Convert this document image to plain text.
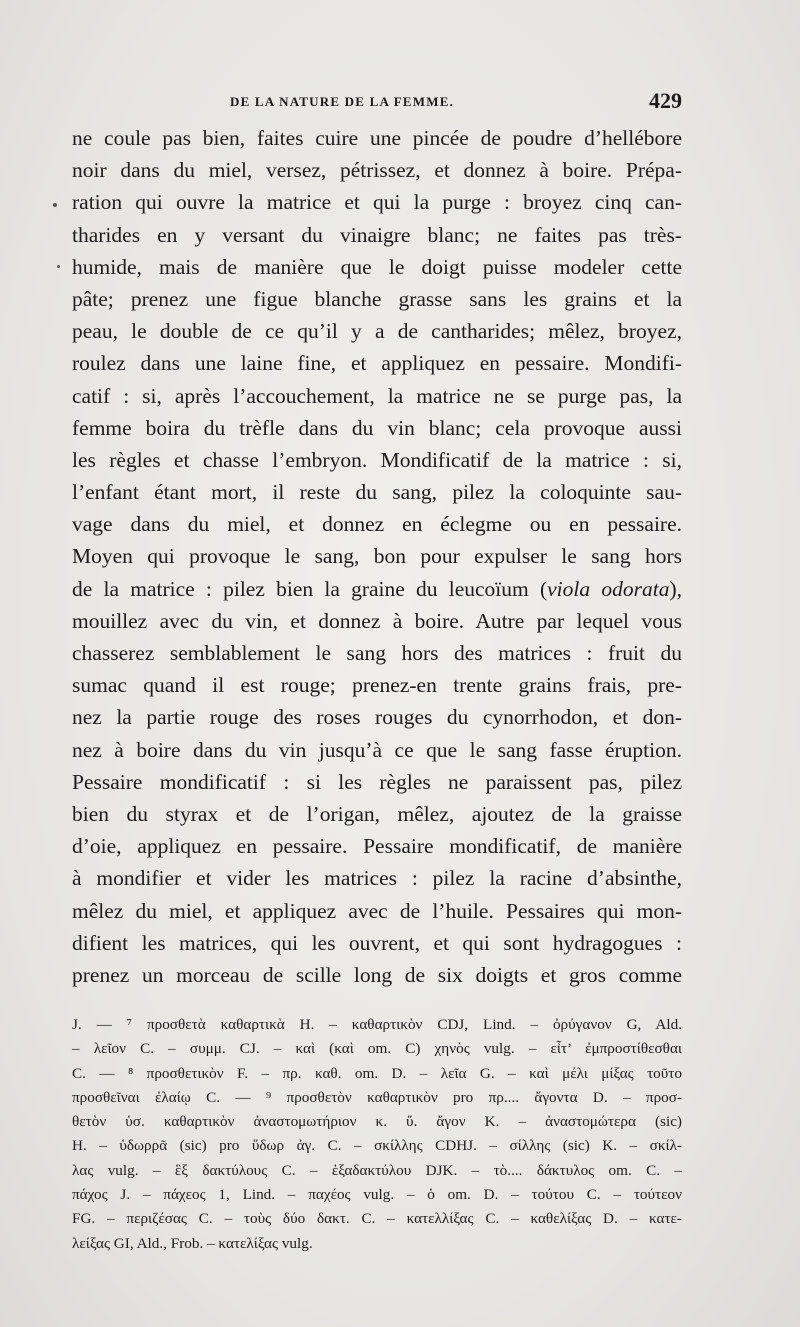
DE LA NATURE DE LA FEMME.	429
ne coule pas bien, faites cuire une pincée de poudre d’hellébore
noir dans du miel, versez, pétrissez, et donnez à boire. Prépa-
ration qui ouvre la matrice et qui la purge : broyez cinq can-
tharides en y versant du vinaigre blanc; ne faites pas très-
humide, mais de manière que le doigt puisse modeler cette
pâte; prenez une figue blanche grasse sans les grains et la
peau, le double de ce qu’il y a de cantharides; mêlez, broyez,
roulez dans une laine fine, et appliquez en pessaire. Mondifi-
catif : si, après l’accouchement, la matrice ne se purge pas, la
femme boira du trèfle dans du vin blanc; cela provoque aussi
les règles et chasse l’embryon. Mondificatif de la matrice : si,
l’enfant étant mort, il reste du sang, pilez la coloquinte sau-
vage dans du miel, et donnez en éclegme ou en pessaire.
Moyen qui provoque le sang, bon pour expulser le sang hors
de la matrice : pilez bien la graine du leucoïum (viola odorata),
mouillez avec du vin, et donnez à boire. Autre par lequel vous
chasserez semblablement le sang hors des matrices : fruit du
sumac quand il est rouge; prenez-en trente grains frais, pre-
nez la partie rouge des roses rouges du cynorrhodon, et don-
nez à boire dans du vin jusqu’à ce que le sang fasse éruption.
Pessaire mondificatif : si les règles ne paraissent pas, pilez
bien du styrax et de l’origan, mêlez, ajoutez de la graisse
d’oie, appliquez en pessaire. Pessaire mondificatif, de manière
à mondifier et vider les matrices : pilez la racine d’absinthe,
mêlez du miel, et appliquez avec de l’huile. Pessaires qui mon-
difient les matrices, qui les ouvrent, et qui sont hydragogues :
prenez un morceau de scille long de six doigts et gros comme
J. — ⁷ προσθετὰ καθαρτικὰ H. – καθαρτικὸν CDJ, Lind. – ὀρύγανον G, Ald.
– λεῖον C. – συμμ. CJ. – καὶ (καὶ om. C) χηνὸς vulg. – εἶτ’ ἐμπροστίθεσθαι
C. — ⁸ προσθετικὸν F. – πρ. καθ. om. D. – λεῖα G. – καὶ μέλι μίξας τοῦτο
προσθεῖναι ἐλαίῳ C. — ⁹ προσθετὸν καθαρτικὸν pro πρ.... ἄγοντα D. – προσ-
θετὸν ὑσ. καθαρτικὸν ἀναστομωτήριον κ. ὕ. ἄγον K. – ἀναστομώτερα (sic)
H. – ὑδωρρᾶ (sic) pro ὕδωρ ἀγ. C. – σκίλλης CDHJ. – σίλλης (sic) K. – σκίλ-
λας vulg. – ἓξ δακτύλους C. – ἑξαδακτύλου DJK. – τὸ.... δάκτυλος om. C. –
πάχος J. – πάχεος 1, Lind. – παχέος vulg. – ὁ om. D. – τούτου C. – τούτεον
FG. – περιζέσας C. – τοὺς δύο δακτ. C. – κατελλίξας C. – καθελίξας D. – κατε-
λείξας GI, Ald., Frob. – κατελίξας vulg.
